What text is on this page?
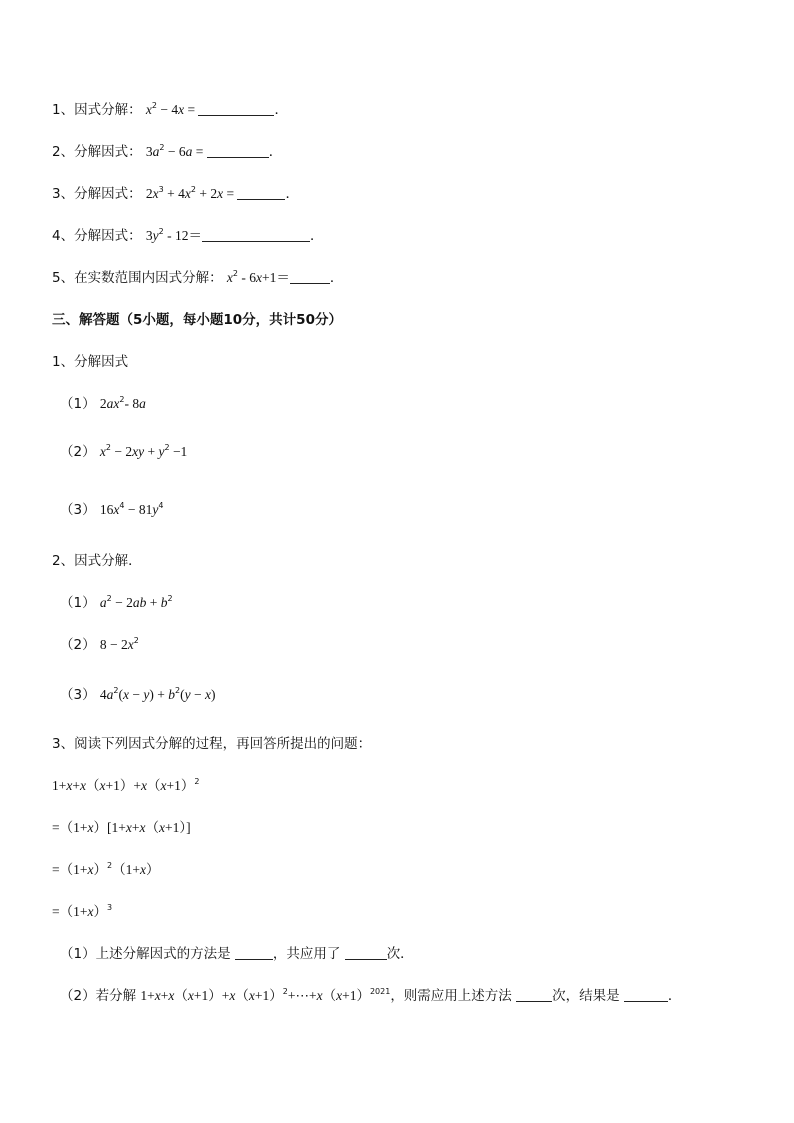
1、因式分解： $x^2 - 4x$ =	．
2、分解因式： $3a^2 - 6a$ =	．
3、分解因式： $2x^3 + 4x^2 + 2x$ =	．
4、分解因式： $3y^2 - 12=$	．
5、在实数范围内因式分解： $x^2 - 6x+1=$	．
三、解答题（5小题，每小题10分，共计50分）
1、分解因式
（1） $2ax^2-$ 8a
（2） $x^2 - 2xy + y^2 -1$
（3） $16x^4 - 81y^4$
2、因式分解．
（1） $a^2 - 2ab + b^2$
（2） $8 - 2x^2$
（3） $4a^2(x - y) + b^2(y - x)$
3、阅读下列因式分解的过程，再回答所提出的问题：
$1+x+x(x+1)+x(x+1)^2$
=（1+x）[1+x+x（x+1）]
$=(1+x)^2(1+x)$
$=(1+x)^3$
（1）上述分解因式的方法是	，共应用了	次．
（2）若分解 $1+x+x(x+1)+x(x+1)^2+\cdots+x(x+1)^{2021}$，则需应用上述方法	次，结果是	．
